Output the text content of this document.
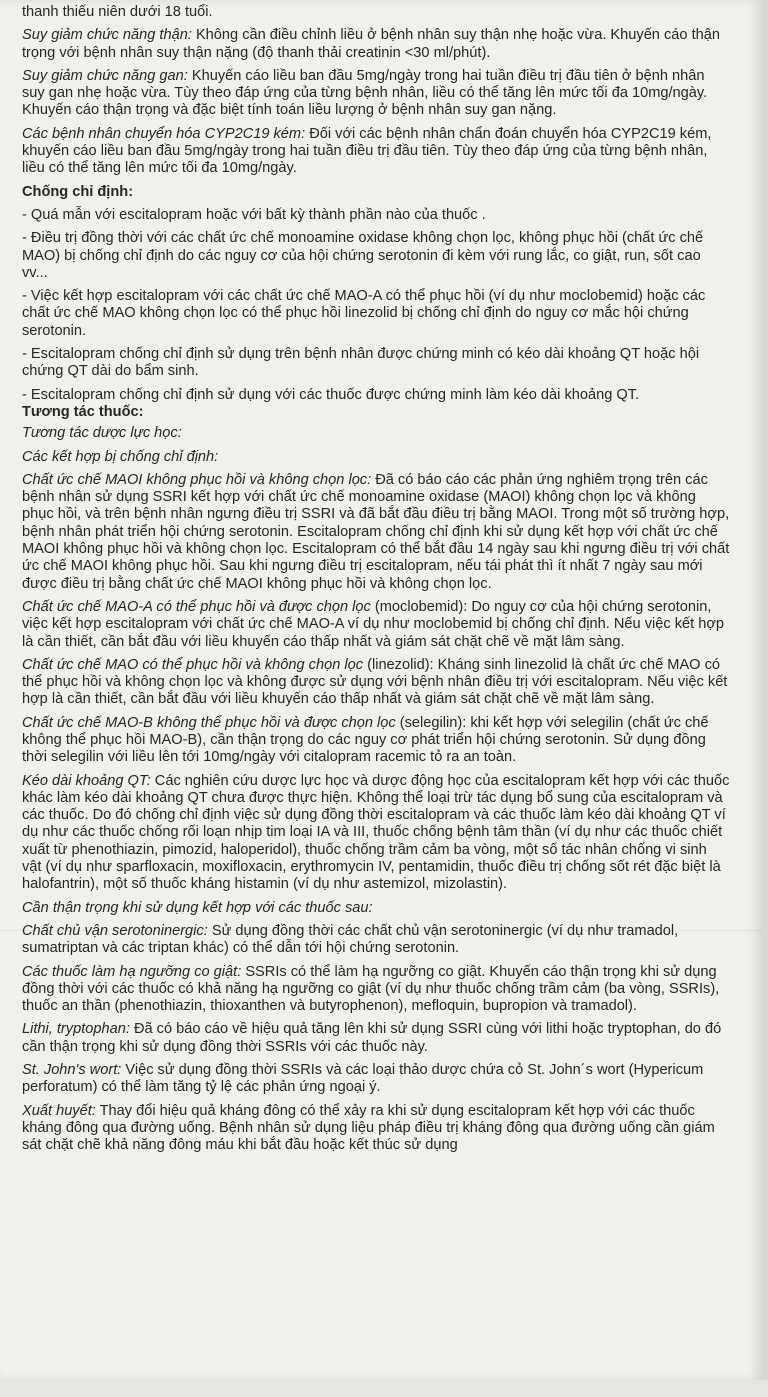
thanh thiếu niên dưới 18 tuổi.

Suy giảm chức năng thận: Không cần điều chỉnh liều ở bệnh nhân suy thận nhẹ hoặc vừa. Khuyến cáo thận trọng với bệnh nhân suy thận nặng (độ thanh thải creatinin <30 ml/phút).

Suy giảm chức năng gan: Khuyến cáo liều ban đầu 5mg/ngày trong hai tuần điều trị đầu tiên ở bệnh nhân suy gan nhẹ hoặc vừa. Tùy theo đáp ứng của từng bệnh nhân, liều có thể tăng lên mức tối đa 10mg/ngày. Khuyến cáo thận trọng và đặc biệt tính toán liều lượng ở bệnh nhân suy gan nặng.

Các bệnh nhân chuyển hóa CYP2C19 kém: Đối với các bệnh nhân chẩn đoán chuyển hóa CYP2C19 kém, khuyến cáo liều ban đầu 5mg/ngày trong hai tuần điều trị đầu tiên. Tùy theo đáp ứng của từng bệnh nhân, liều có thể tăng lên mức tối đa 10mg/ngày.

Chống chỉ định:

- Quá mẫn với escitalopram hoặc với bất kỳ thành phần nào của thuốc .

- Điều trị đồng thời với các chất ức chế monoamine oxidase không chọn lọc, không phục hồi (chất ức chế MAO) bị chống chỉ định do các nguy cơ của hội chứng serotonin đi kèm với rung lắc, co giật, run, sốt cao vv...

- Việc kết hợp escitalopram với các chất ức chế MAO-A có thể phục hồi (ví dụ như moclobemid) hoặc các chất ức chế MAO không chọn lọc có thể phục hồi linezolid bị chống chỉ định do nguy cơ mắc hội chứng serotonin.

- Escitalopram chống chỉ định sử dụng trên bệnh nhân được chứng minh có kéo dài khoảng QT hoặc hội chứng QT dài do bẩm sinh.

- Escitalopram chống chỉ định sử dụng với các thuốc được chứng minh làm kéo dài khoảng QT.

Tương tác thuốc:

Tương tác dược lực học:

Các kết hợp bị chống chỉ định:

Chất ức chế MAOI không phục hồi và không chọn lọc: Đã có báo cáo các phản ứng nghiêm trọng trên các bệnh nhân sử dụng SSRI kết hợp với chất ức chế monoamine oxidase (MAOI) không chọn lọc và không phục hồi, và trên bệnh nhân ngưng điều trị SSRI và đã bắt đầu điều trị bằng MAOI. Trong một số trường hợp, bệnh nhân phát triển hội chứng serotonin. Escitalopram chống chỉ định khi sử dụng kết hợp với chất ức chế MAOI không phục hồi và không chọn lọc. Escitalopram có thể bắt đầu 14 ngày sau khi ngưng điều trị với chất ức chế MAOI không phục hồi. Sau khi ngưng điều trị escitalopram, nếu tái phát thì ít nhất 7 ngày sau mới được điều trị bằng chất ức chế MAOI không phục hồi và không chọn lọc.

Chất ức chế MAO-A có thể phục hồi và được chọn lọc (moclobemid): Do nguy cơ của hội chứng serotonin, việc kết hợp escitalopram với chất ức chế MAO-A ví dụ như moclobemid bị chống chỉ định. Nếu việc kết hợp là cần thiết, cần bắt đầu với liều khuyến cáo thấp nhất và giám sát chặt chẽ về mặt lâm sàng.

Chất ức chế MAO có thể phục hồi và không chọn lọc (linezolid): Kháng sinh linezolid là chất ức chế MAO có thể phục hồi và không chọn lọc và không được sử dụng với bệnh nhân điều trị với escitalopram. Nếu việc kết hợp là cần thiết, cần bắt đầu với liều khuyến cáo thấp nhất và giám sát chặt chẽ về mặt lâm sàng.

Chất ức chế MAO-B không thể phục hồi và được chọn lọc (selegilin): khi kết hợp với selegilin (chất ức chế không thể phục hồi MAO-B), cần thận trọng do các nguy cơ phát triển hội chứng serotonin. Sử dụng đồng thời selegilin với liều lên tới 10mg/ngày với citalopram racemic tỏ ra an toàn.

Kéo dài khoảng QT: Các nghiên cứu dược lực học và dược động học của escitalopram kết hợp với các thuốc khác làm kéo dài khoảng QT chưa được thực hiện. Không thể loại trừ tác dụng bổ sung của escitalopram và các thuốc. Do đó chống chỉ định việc sử dụng đồng thời escitalopram và các thuốc làm kéo dài khoảng QT ví dụ như các thuốc chống rối loạn nhịp tim loại IA và III, thuốc chống bệnh tâm thần (ví dụ như các thuốc chiết xuất từ phenothiazin, pimozid, haloperidol), thuốc chống trầm cảm ba vòng, một số tác nhân chống vi sinh vật (ví dụ như sparfloxacin, moxifloxacin, erythromycin IV, pentamidin, thuốc điều trị chống sốt rét đặc biệt là halofantrin), một số thuốc kháng histamin (ví dụ như astemizol, mizolastin).

Cần thận trọng khi sử dụng kết hợp với các thuốc sau:

Chất chủ vận serotoninergic: Sử dụng đồng thời các chất chủ vận serotoninergic (ví dụ như tramadol, sumatriptan và các triptan khác) có thể dẫn tới hội chứng serotonin.

Các thuốc làm hạ ngưỡng co giật: SSRIs có thể làm hạ ngưỡng co giật. Khuyến cáo thận trọng khi sử dụng đồng thời với các thuốc có khả năng hạ ngưỡng co giật (ví dụ như thuốc chống trầm cảm (ba vòng, SSRIs), thuốc an thần (phenothiazin, thioxanthen và butyrophenon), mefloquin, bupropion và tramadol).

Lithi, tryptophan: Đã có báo cáo về hiệu quả tăng lên khi sử dụng SSRI cùng với lithi hoặc tryptophan, do đó cần thận trọng khi sử dụng đồng thời SSRIs với các thuốc này.

St. John's wort: Việc sử dụng đồng thời SSRIs và các loại thảo dược chứa cỏ St. John´s wort (Hypericum perforatum) có thể làm tăng tỷ lệ các phản ứng ngoại ý.

Xuất huyết: Thay đổi hiệu quả kháng đông có thể xảy ra khi sử dụng escitalopram kết hợp với các thuốc kháng đông qua đường uống. Bệnh nhân sử dụng liệu pháp điều trị kháng đông qua đường uống cần giám sát chặt chẽ khả năng đông máu khi bắt đầu hoặc kết thúc sử dụng
